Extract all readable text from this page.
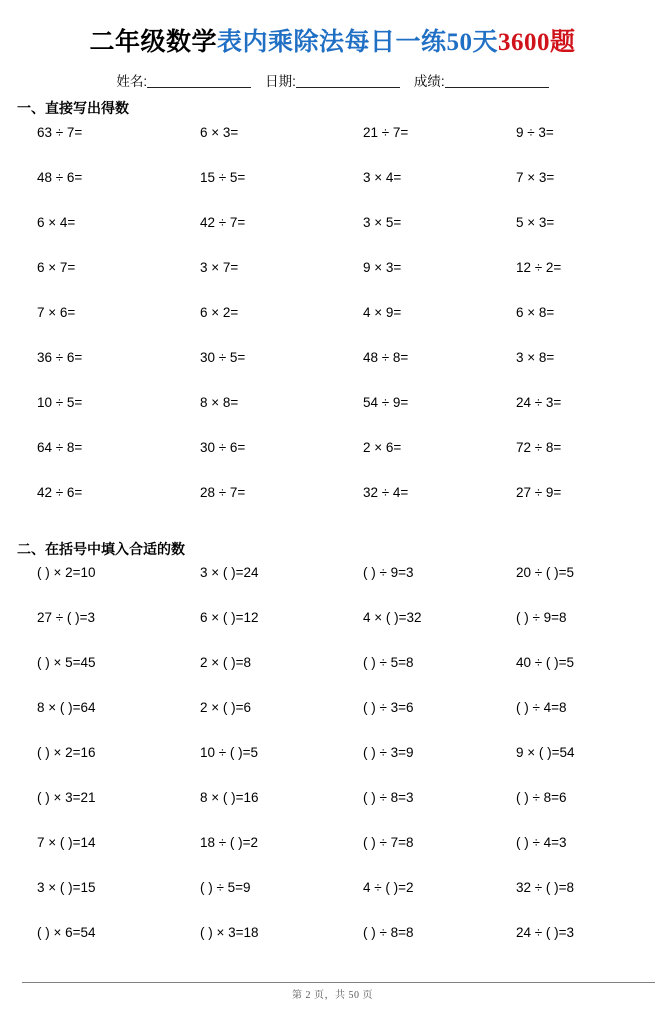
二年级数学表内乘除法每日一练50天3600题
姓名:	日期:	成绩:
一、直接写出得数
63 ÷ 7=	6 × 3=	21 ÷ 7=	9 ÷ 3=
48 ÷ 6=	15 ÷ 5=	3 × 4=	7 × 3=
6 × 4=	42 ÷ 7=	3 × 5=	5 × 3=
6 × 7=	3 × 7=	9 × 3=	12 ÷ 2=
7 × 6=	6 × 2=	4 × 9=	6 × 8=
36 ÷ 6=	30 ÷ 5=	48 ÷ 8=	3 × 8=
10 ÷ 5=	8 × 8=	54 ÷ 9=	24 ÷ 3=
64 ÷ 8=	30 ÷ 6=	2 × 6=	72 ÷ 8=
42 ÷ 6=	28 ÷ 7=	32 ÷ 4=	27 ÷ 9=
二、在括号中填入合适的数
( ) × 2=10	3 × ( )=24	( ) ÷ 9=3	20 ÷ ( )=5
27 ÷ ( )=3	6 × ( )=12	4 × ( )=32	( ) ÷ 9=8
( ) × 5=45	2 × ( )=8	( ) ÷ 5=8	40 ÷ ( )=5
8 × ( )=64	2 × ( )=6	( ) ÷ 3=6	( ) ÷ 4=8
( ) × 2=16	10 ÷ ( )=5	( ) ÷ 3=9	9 × ( )=54
( ) × 3=21	8 × ( )=16	( ) ÷ 8=3	( ) ÷ 8=6
7 × ( )=14	18 ÷ ( )=2	( ) ÷ 7=8	( ) ÷ 4=3
3 × ( )=15	( ) ÷ 5=9	4 ÷ ( )=2	32 ÷ ( )=8
( ) × 6=54	( ) × 3=18	( ) ÷ 8=8	24 ÷ ( )=3
第 2 页，共 50 页
